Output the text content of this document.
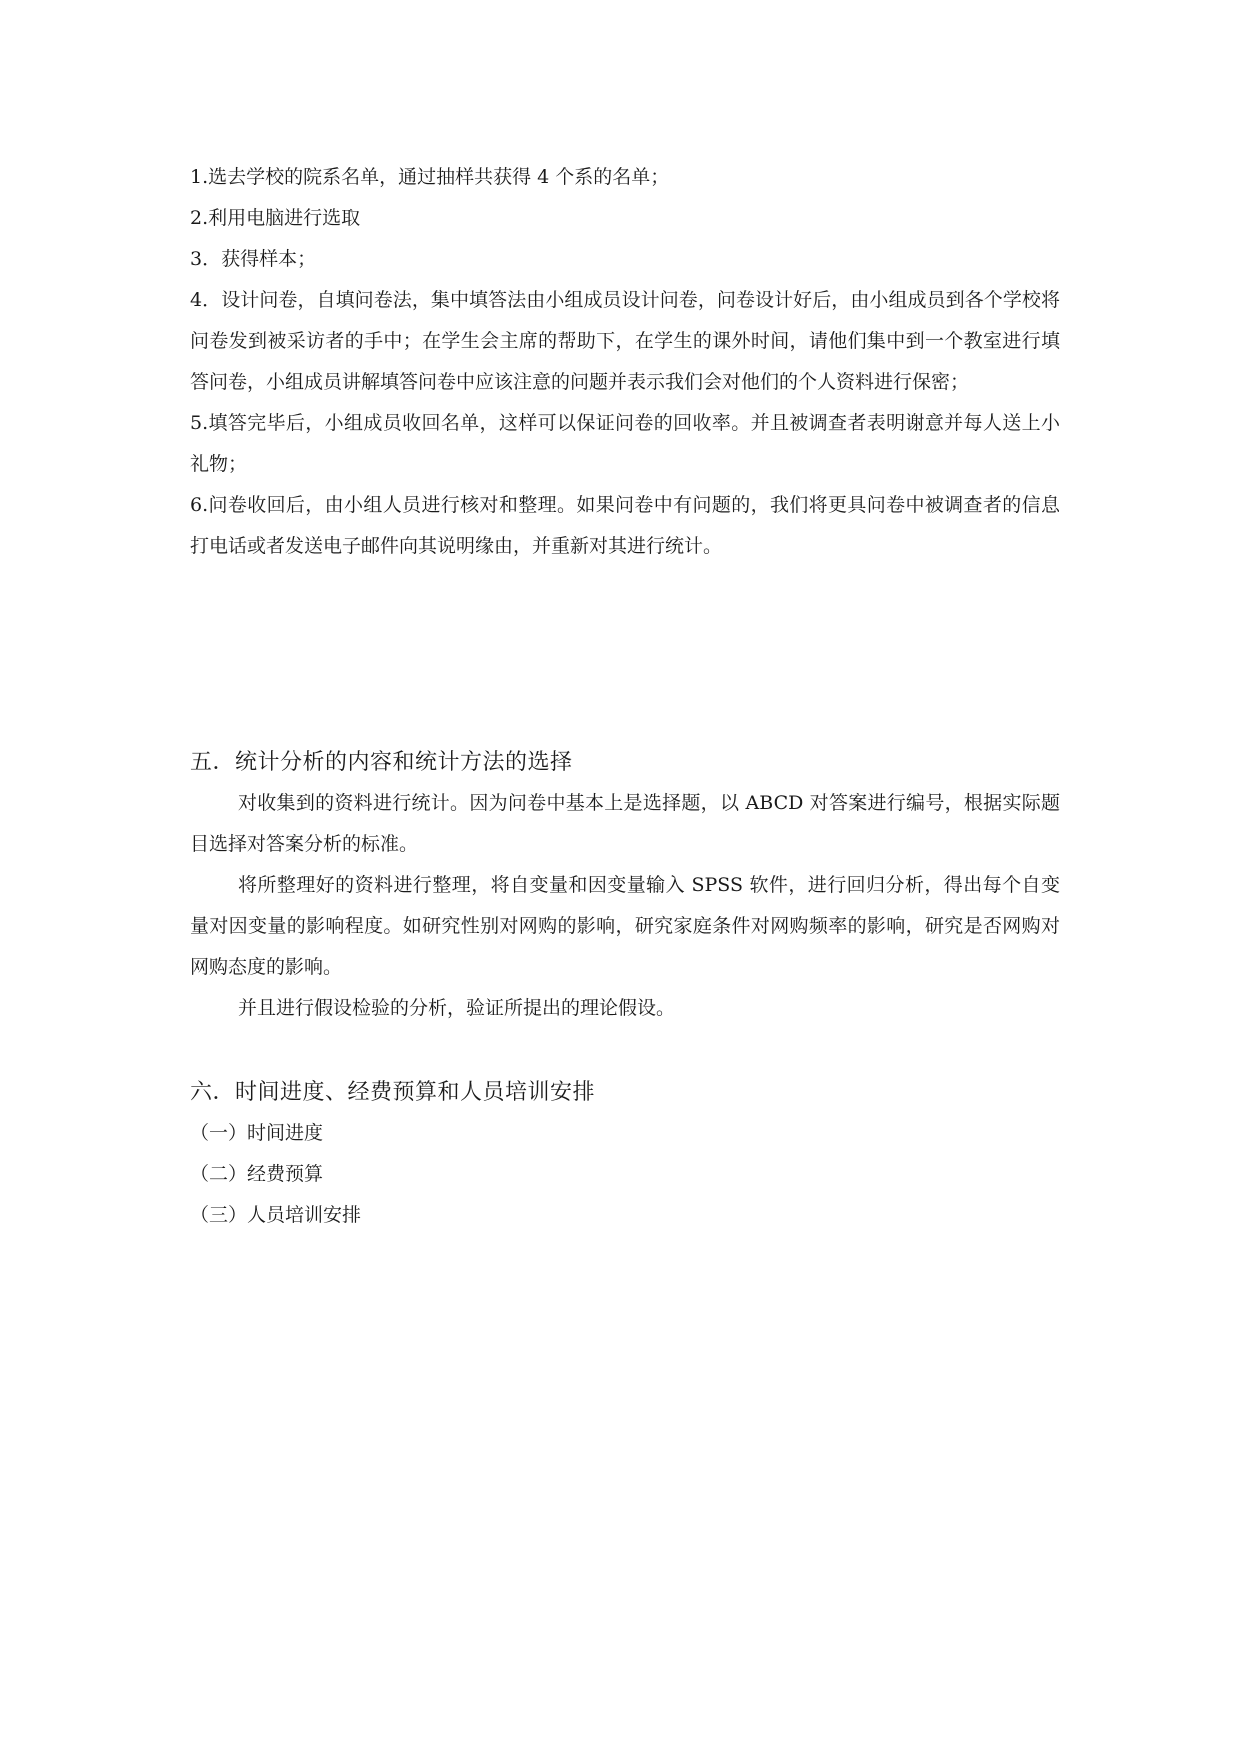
1.选去学校的院系名单，通过抽样共获得 4 个系的名单；

2.利用电脑进行选取

3．获得样本；

4．设计问卷，自填问卷法，集中填答法由小组成员设计问卷，问卷设计好后，由小组成员到各个学校将问卷发到被采访者的手中；在学生会主席的帮助下，在学生的课外时间，请他们集中到一个教室进行填答问卷，小组成员讲解填答问卷中应该注意的问题并表示我们会对他们的个人资料进行保密；

5.填答完毕后，小组成员收回名单，这样可以保证问卷的回收率。并且被调查者表明谢意并每人送上小礼物；

6.问卷收回后，由小组人员进行核对和整理。如果问卷中有问题的，我们将更具问卷中被调查者的信息打电话或者发送电子邮件向其说明缘由，并重新对其进行统计。

五．统计分析的内容和统计方法的选择

对收集到的资料进行统计。因为问卷中基本上是选择题，以 ABCD 对答案进行编号，根据实际题目选择对答案分析的标准。

将所整理好的资料进行整理，将自变量和因变量输入 SPSS 软件，进行回归分析，得出每个自变量对因变量的影响程度。如研究性别对网购的影响，研究家庭条件对网购频率的影响，研究是否网购对网购态度的影响。

并且进行假设检验的分析，验证所提出的理论假设。

六．时间进度、经费预算和人员培训安排

（一）时间进度

（二）经费预算

（三）人员培训安排
